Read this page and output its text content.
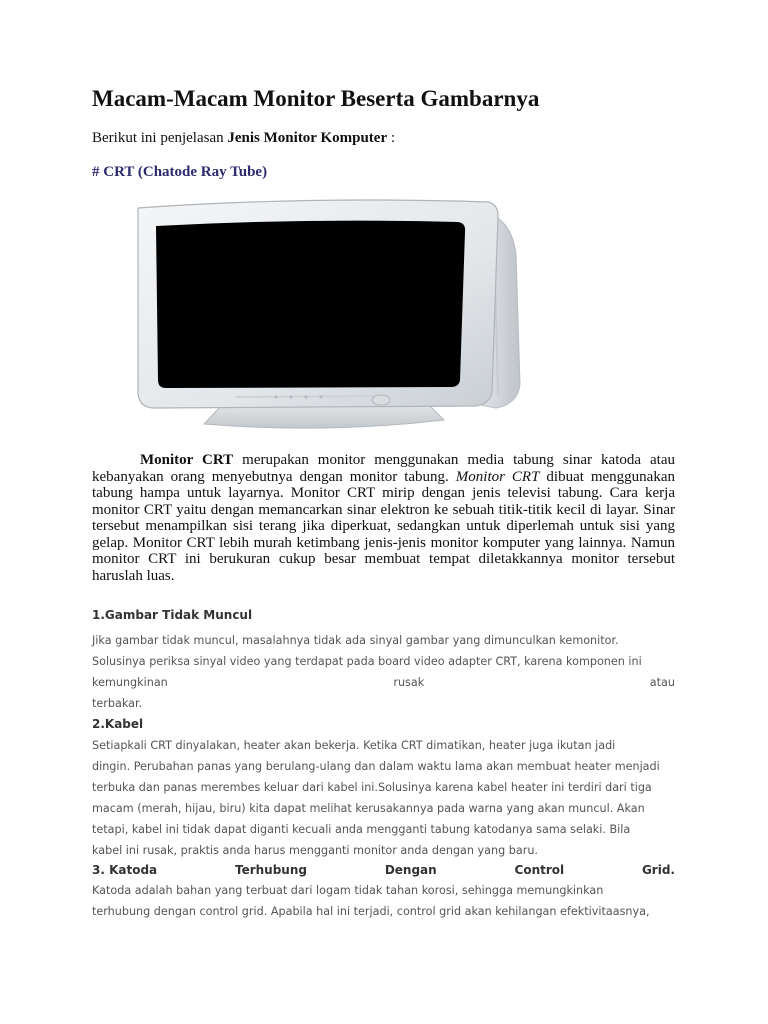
Macam-Macam Monitor Beserta Gambarnya
Berikut ini penjelasan Jenis Monitor Komputer :
# CRT (Chatode Ray Tube)

Monitor CRT merupakan monitor menggunakan media tabung sinar katoda atau kebanyakan orang menyebutnya dengan monitor tabung. Monitor CRT dibuat menggunakan tabung hampa untuk layarnya. Monitor CRT mirip dengan jenis televisi tabung. Cara kerja monitor CRT yaitu dengan memancarkan sinar elektron ke sebuah titik-titik kecil di layar. Sinar tersebut menampilkan sisi terang jika diperkuat, sedangkan untuk diperlemah untuk sisi yang gelap. Monitor CRT lebih murah ketimbang jenis-jenis monitor komputer yang lainnya. Namun monitor CRT ini berukuran cukup besar membuat tempat diletakkannya monitor tersebut haruslah luas.

1.Gambar Tidak Muncul
Jika gambar tidak muncul, masalahnya tidak ada sinyal gambar yang dimunculkan kemonitor.
Solusinya periksa sinyal video yang terdapat pada board video adapter CRT, karena komponen ini
kemungkinan	rusak	atau
terbakar.
2.Kabel
Setiapkali CRT dinyalakan, heater akan bekerja. Ketika CRT dimatikan, heater juga ikutan jadi
dingin. Perubahan panas yang berulang-ulang dan dalam waktu lama akan membuat heater menjadi
terbuka dan panas merembes keluar dari kabel ini.Solusinya karena kabel heater ini terdiri dari tiga
macam (merah, hijau, biru) kita dapat melihat kerusakannya pada warna yang akan muncul. Akan
tetapi, kabel ini tidak dapat diganti kecuali anda mengganti tabung katodanya sama selaki. Bila
kabel ini rusak, praktis anda harus mengganti monitor anda dengan yang baru.
3. Katoda	Terhubung	Dengan	Control	Grid.
Katoda adalah bahan yang terbuat dari logam tidak tahan korosi, sehingga memungkinkan
terhubung dengan control grid. Apabila hal ini terjadi, control grid akan kehilangan efektivitaasnya,
